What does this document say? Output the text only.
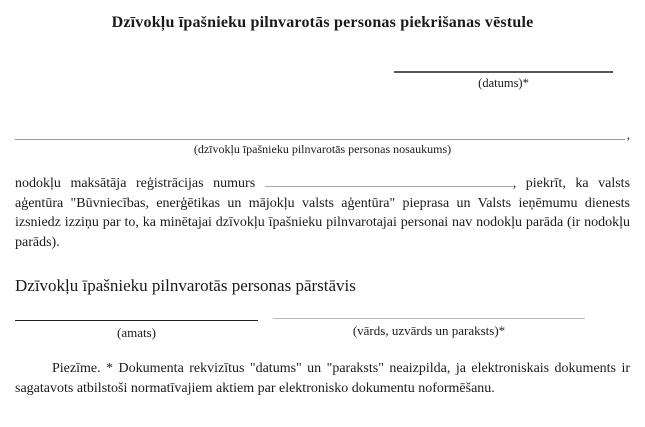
Dzīvokļu īpašnieku pilnvarotās personas piekrišanas vēstule
(datums)*
,
(dzīvokļu īpašnieku pilnvarotās personas nosaukums)

nodokļu maksātāja reģistrācijas numurs	, piekrīt, ka valsts aģentūra "Būvniecības, enerģētikas un mājokļu valsts aģentūra" pieprasa un Valsts ieņēmumu dienests izsniedz izziņu par to, ka minētajai dzīvokļu īpašnieku pilnvarotajai personai nav nodokļu parāda (ir nodokļu parāds).

Dzīvokļu īpašnieku pilnvarotās personas pārstāvis
(amats)	(vārds, uzvārds un paraksts)*

Piezīme. * Dokumenta rekvizītus "datums" un "paraksts" neaizpilda, ja elektroniskais dokuments ir sagatavots atbilstoši normatīvajiem aktiem par elektronisko dokumentu noformēšanu.
